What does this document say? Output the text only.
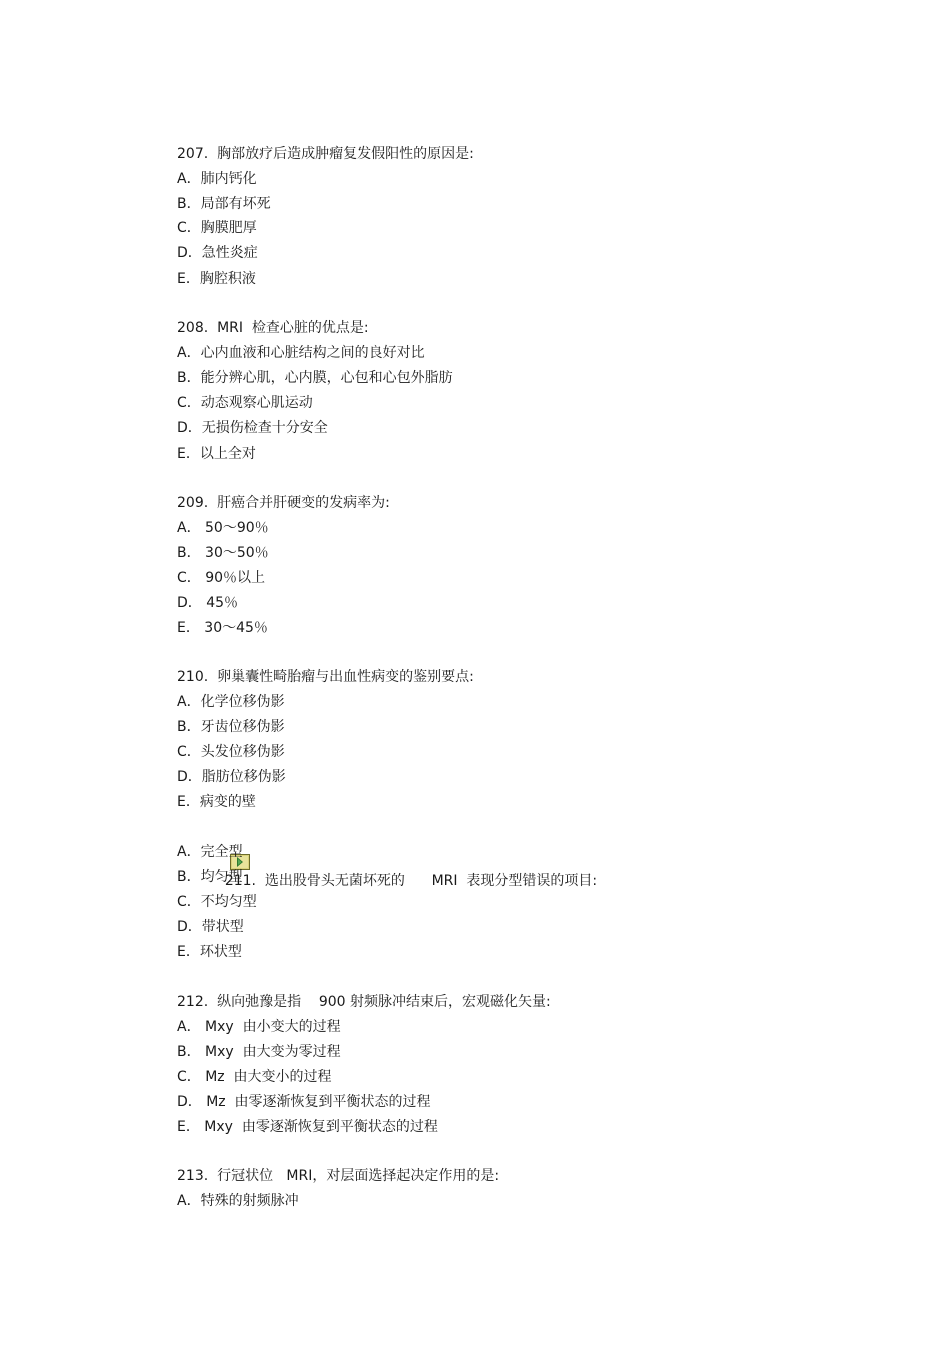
207.  胸部放疗后造成肿瘤复发假阳性的原因是:
A．肺内钙化
B．局部有坏死
C．胸膜肥厚
D．急性炎症
E．胸腔积液
208.  MRI  检查心脏的优点是:
A．心内血液和心脏结构之间的良好对比
B．能分辨心肌，心内膜，心包和心包外脂肪
C．动态观察心肌运动
D．无损伤检查十分安全
E．以上全对
209.  肝癌合并肝硬变的发病率为:
A． 50～90％
B． 30～50％
C． 90％以上
D． 45％
E． 30～45％
210.  卵巢囊性畸胎瘤与出血性病变的鉴别要点:
A．化学位移伪影
B．牙齿位移伪影
C．头发位移伪影
D．脂肪位移伪影
E．病变的壁

211.  选出股骨头无菌坏死的      MRI  表现分型错误的项目:

A．完全型
B．均匀型
C．不均匀型
D．带状型
E．环状型
212.  纵向弛豫是指    900 射频脉冲结束后，宏观磁化矢量:
A． Mxy  由小变大的过程
B． Mxy  由大变为零过程
C． Mz  由大变小的过程
D． Mz  由零逐渐恢复到平衡状态的过程
E． Mxy  由零逐渐恢复到平衡状态的过程
213.  行冠状位   MRI，对层面选择起决定作用的是:
A．特殊的射频脉冲
